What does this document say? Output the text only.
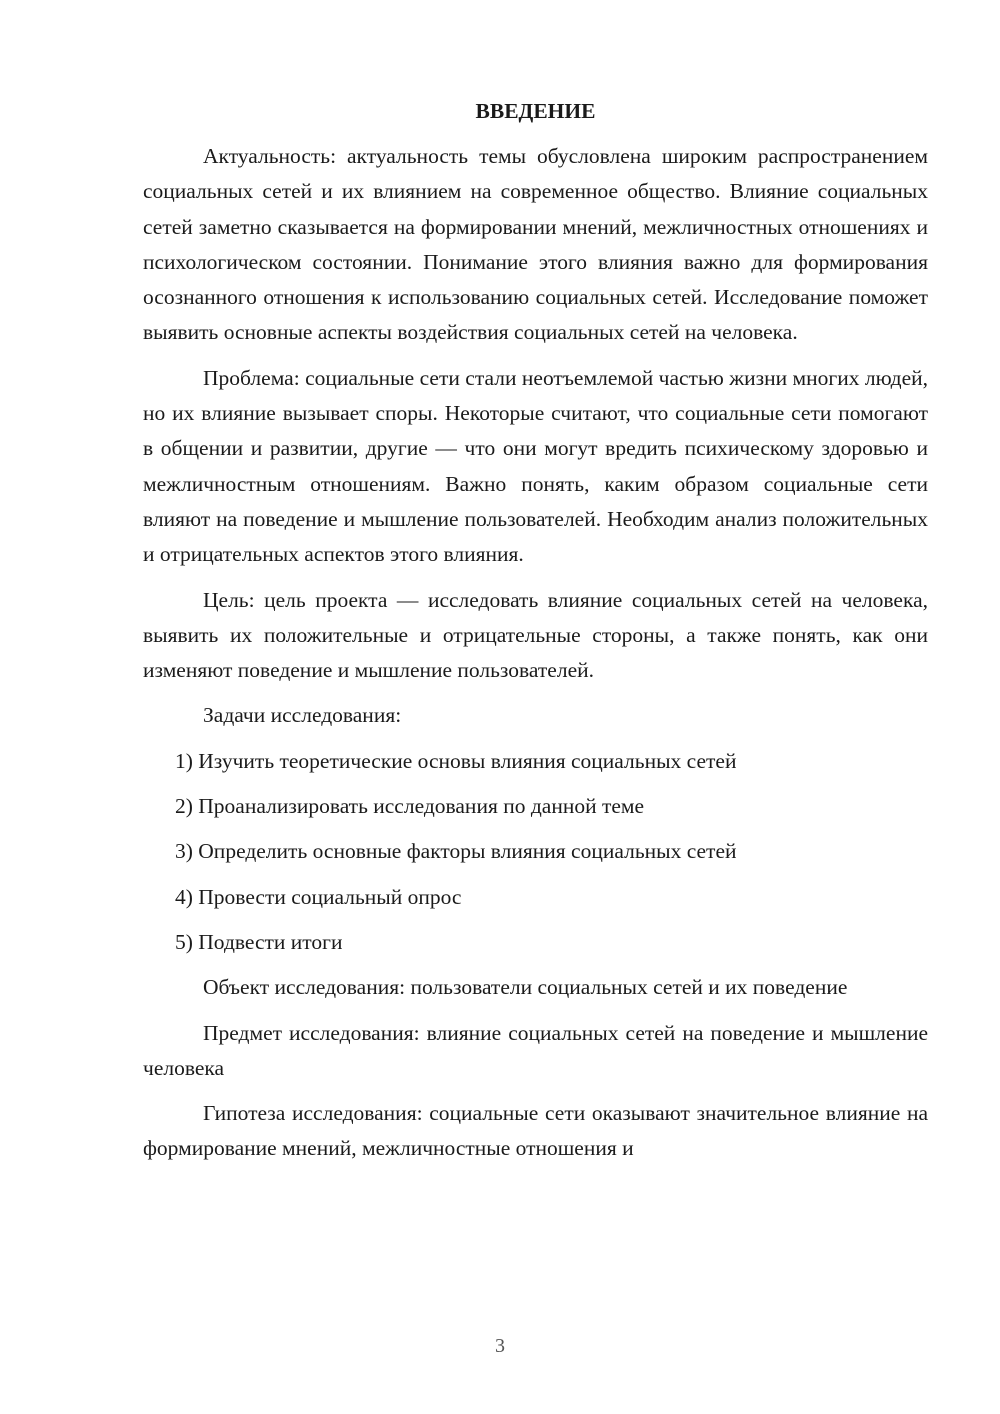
ВВЕДЕНИЕ

Актуальность: актуальность темы обусловлена широким распространением социальных сетей и их влиянием на современное общество. Влияние социальных сетей заметно сказывается на формировании мнений, межличностных отношениях и психологическом состоянии. Понимание этого влияния важно для формирования осознанного отношения к использованию социальных сетей. Исследование поможет выявить основные аспекты воздействия социальных сетей на человека.

Проблема: социальные сети стали неотъемлемой частью жизни многих людей, но их влияние вызывает споры. Некоторые считают, что социальные сети помогают в общении и развитии, другие — что они могут вредить психическому здоровью и межличностным отношениям. Важно понять, каким образом социальные сети влияют на поведение и мышление пользователей. Необходим анализ положительных и отрицательных аспектов этого влияния.

Цель: цель проекта — исследовать влияние социальных сетей на человека, выявить их положительные и отрицательные стороны, а также понять, как они изменяют поведение и мышление пользователей.

Задачи исследования:

1) Изучить теоретические основы влияния социальных сетей
2) Проанализировать исследования по данной теме
3) Определить основные факторы влияния социальных сетей
4) Провести социальный опрос
5) Подвести итоги

Объект исследования: пользователи социальных сетей и их поведение

Предмет исследования: влияние социальных сетей на поведение и мышление человека

Гипотеза исследования: социальные сети оказывают значительное влияние на формирование мнений, межличностные отношения и

3
